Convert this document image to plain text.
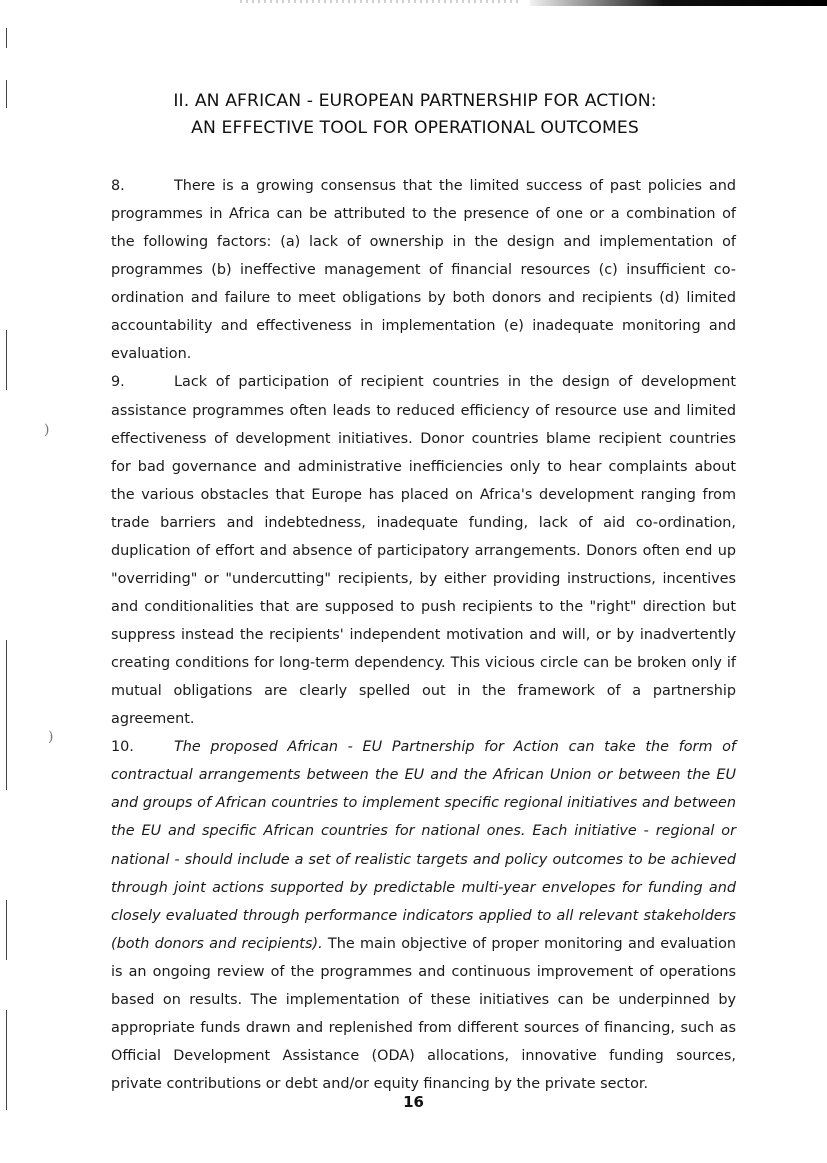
)
)
II. AN AFRICAN - EUROPEAN PARTNERSHIP FOR ACTION:
AN EFFECTIVE TOOL FOR OPERATIONAL OUTCOMES

8.	There is a growing consensus that the limited success of past policies and programmes in Africa can be attributed to the presence of one or a combination of the following factors: (a) lack of ownership in the design and implementation of programmes (b) ineffective management of financial resources (c) insufficient co-ordination and failure to meet obligations by both donors and recipients (d) limited accountability and effectiveness in implementation (e) inadequate monitoring and evaluation.

9.	Lack of participation of recipient countries in the design of development assistance programmes often leads to reduced efficiency of resource use and limited effectiveness of development initiatives. Donor countries blame recipient countries for bad governance and administrative inefficiencies only to hear complaints about the various obstacles that Europe has placed on Africa's development ranging from trade barriers and indebtedness, inadequate funding, lack of aid co-ordination, duplication of effort and absence of participatory arrangements. Donors often end up "overriding" or "undercutting" recipients, by either providing instructions, incentives and conditionalities that are supposed to push recipients to the "right" direction but suppress instead the recipients' independent motivation and will, or by inadvertently creating conditions for long-term dependency. This vicious circle can be broken only if mutual obligations are clearly spelled out in the framework of a partnership agreement.

10.	The proposed African - EU Partnership for Action can take the form of contractual arrangements between the EU and the African Union or between the EU and groups of African countries to implement specific regional initiatives and between the EU and specific African countries for national ones. Each initiative - regional or national - should include a set of realistic targets and policy outcomes to be achieved through joint actions supported by predictable multi-year envelopes for funding and closely evaluated through performance indicators applied to all relevant stakeholders (both donors and recipients). The main objective of proper monitoring and evaluation is an ongoing review of the programmes and continuous improvement of operations based on results. The implementation of these initiatives can be underpinned by appropriate funds drawn and replenished from different sources of financing, such as Official Development Assistance (ODA) allocations, innovative funding sources, private contributions or debt and/or equity financing by the private sector.

16
